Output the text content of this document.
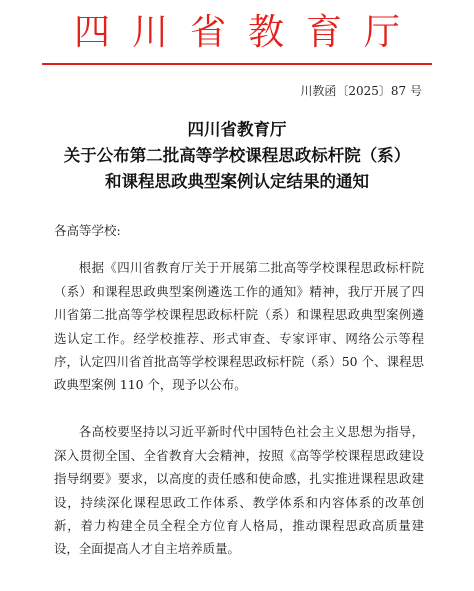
四川省教育厅
川教函〔2025〕87 号
四川省教育厅
关于公布第二批高等学校课程思政标杆院（系）
和课程思政典型案例认定结果的通知
各高等学校:

根据《四川省教育厅关于开展第二批高等学校课程思政标杆院（系）和课程思政典型案例遴选工作的通知》精神，我厅开展了四川省第二批高等学校课程思政标杆院（系）和课程思政典型案例遴选认定工作。经学校推荐、形式审查、专家评审、网络公示等程序，认定四川省首批高等学校课程思政标杆院（系）50 个、课程思政典型案例 110 个，现予以公布。

各高校要坚持以习近平新时代中国特色社会主义思想为指导，深入贯彻全国、全省教育大会精神，按照《高等学校课程思政建设指导纲要》要求，以高度的责任感和使命感，扎实推进课程思政建设，持续深化课程思政工作体系、教学体系和内容体系的改革创新，着力构建全员全程全方位育人格局，推动课程思政高质量建设，全面提高人才自主培养质量。
